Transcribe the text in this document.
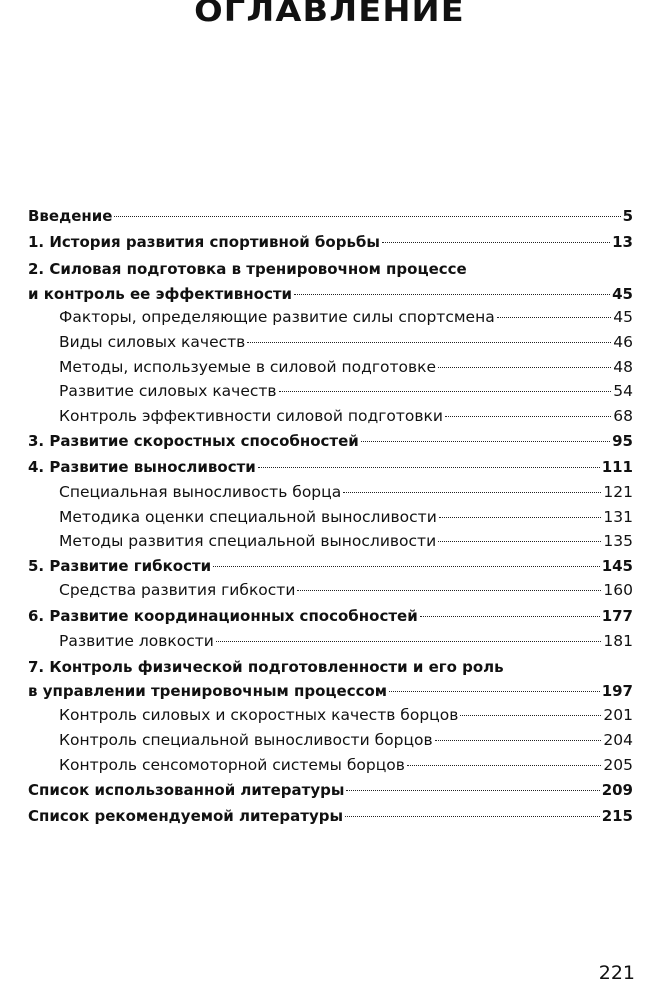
ОГЛАВЛЕНИЕ
Введение	5
1. История развития спортивной борьбы	13
2. Силовая подготовка в тренировочном процессе
и контроль ее эффективности	45
Факторы, определяющие развитие силы спортсмена	45
Виды силовых качеств	46
Методы, используемые в силовой подготовке	48
Развитие силовых качеств	54
Контроль эффективности силовой подготовки	68
3. Развитие скоростных способностей	95
4. Развитие выносливости	111
Специальная выносливость борца	121
Методика оценки специальной выносливости	131
Методы развития специальной выносливости	135
5. Развитие гибкости	145
Средства развития гибкости	160
6. Развитие координационных способностей	177
Развитие ловкости	181
7. Контроль физической подготовленности и его роль
в управлении тренировочным процессом	197
Контроль силовых и скоростных качеств борцов	201
Контроль специальной выносливости борцов	204
Контроль сенсомоторной системы борцов	205
Список использованной литературы	209
Список рекомендуемой литературы	215
221
